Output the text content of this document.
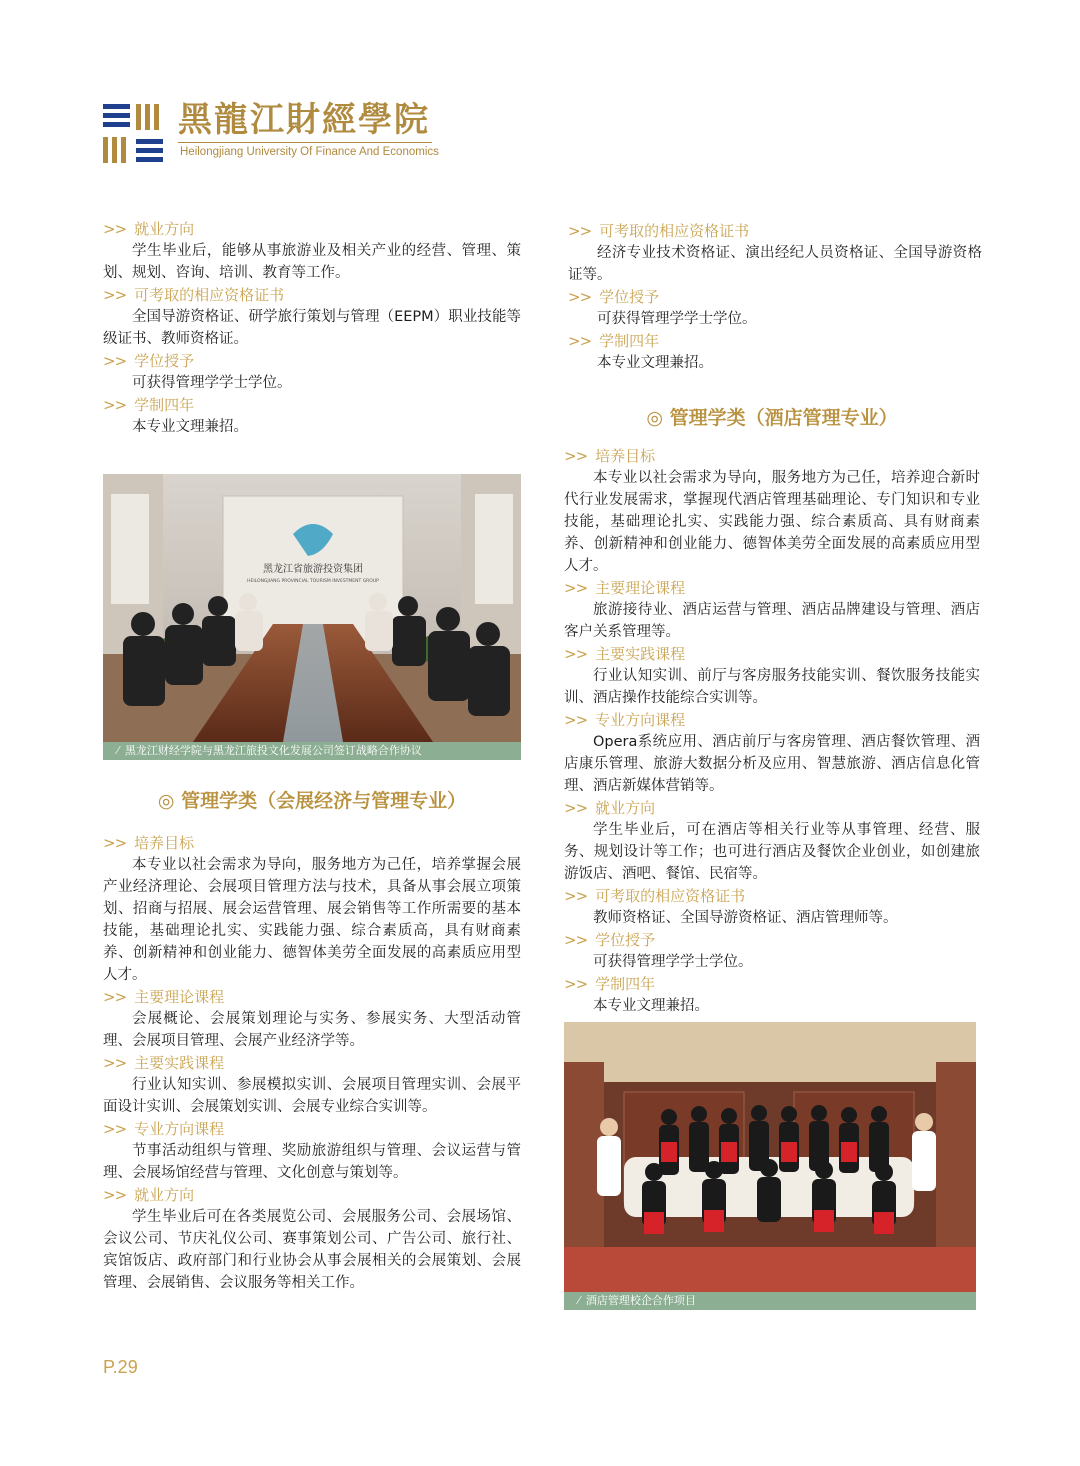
黑龍江財經學院
Heilongjiang University Of Finance And Economics
>> 就业方向
学生毕业后，能够从事旅游业及相关产业的经营、管理、策划、规划、咨询、培训、教育等工作。
>> 可考取的相应资格证书
全国导游资格证、研学旅行策划与管理（EEPM）职业技能等级证书、教师资格证。
>> 学位授予
可获得管理学学士学位。
>> 学制四年
本专业文理兼招。
黑龙江省旅游投资集团
HEILONGJIANG PROVINCIAL TOURISM INVESTMENT GROUP
⁄ 黑龙江财经学院与黑龙江旅投文化发展公司签订战略合作协议
◎ 管理学类（会展经济与管理专业）
>> 培养目标
本专业以社会需求为导向，服务地方为己任，培养掌握会展产业经济理论、会展项目管理方法与技术，具备从事会展立项策划、招商与招展、展会运营管理、展会销售等工作所需要的基本技能，基础理论扎实、实践能力强、综合素质高，具有财商素养、创新精神和创业能力、德智体美劳全面发展的高素质应用型人才。
>> 主要理论课程
会展概论、会展策划理论与实务、参展实务、大型活动管理、会展项目管理、会展产业经济学等。
>> 主要实践课程
行业认知实训、参展模拟实训、会展项目管理实训、会展平面设计实训、会展策划实训、会展专业综合实训等。
>> 专业方向课程
节事活动组织与管理、奖励旅游组织与管理、会议运营与管理、会展场馆经营与管理、文化创意与策划等。
>> 就业方向
学生毕业后可在各类展览公司、会展服务公司、会展场馆、会议公司、节庆礼仪公司、赛事策划公司、广告公司、旅行社、宾馆饭店、政府部门和行业协会从事会展相关的会展策划、会展管理、会展销售、会议服务等相关工作。
>> 可考取的相应资格证书
经济专业技术资格证、演出经纪人员资格证、全国导游资格证等。
>> 学位授予
可获得管理学学士学位。
>> 学制四年
本专业文理兼招。
◎ 管理学类（酒店管理专业）
>> 培养目标
本专业以社会需求为导向，服务地方为己任，培养迎合新时代行业发展需求，掌握现代酒店管理基础理论、专门知识和专业技能，基础理论扎实、实践能力强、综合素质高、具有财商素养、创新精神和创业能力、德智体美劳全面发展的高素质应用型人才。
>> 主要理论课程
旅游接待业、酒店运营与管理、酒店品牌建设与管理、酒店客户关系管理等。
>> 主要实践课程
行业认知实训、前厅与客房服务技能实训、餐饮服务技能实训、酒店操作技能综合实训等。
>> 专业方向课程
Opera系统应用、酒店前厅与客房管理、酒店餐饮管理、酒店康乐管理、旅游大数据分析及应用、智慧旅游、酒店信息化管理、酒店新媒体营销等。
>> 就业方向
学生毕业后，可在酒店等相关行业等从事管理、经营、服务、规划设计等工作；也可进行酒店及餐饮企业创业，如创建旅游饭店、酒吧、餐馆、民宿等。
>> 可考取的相应资格证书
教师资格证、全国导游资格证、酒店管理师等。
>> 学位授予
可获得管理学学士学位。
>> 学制四年
本专业文理兼招。
⁄ 酒店管理校企合作项目
P.29
